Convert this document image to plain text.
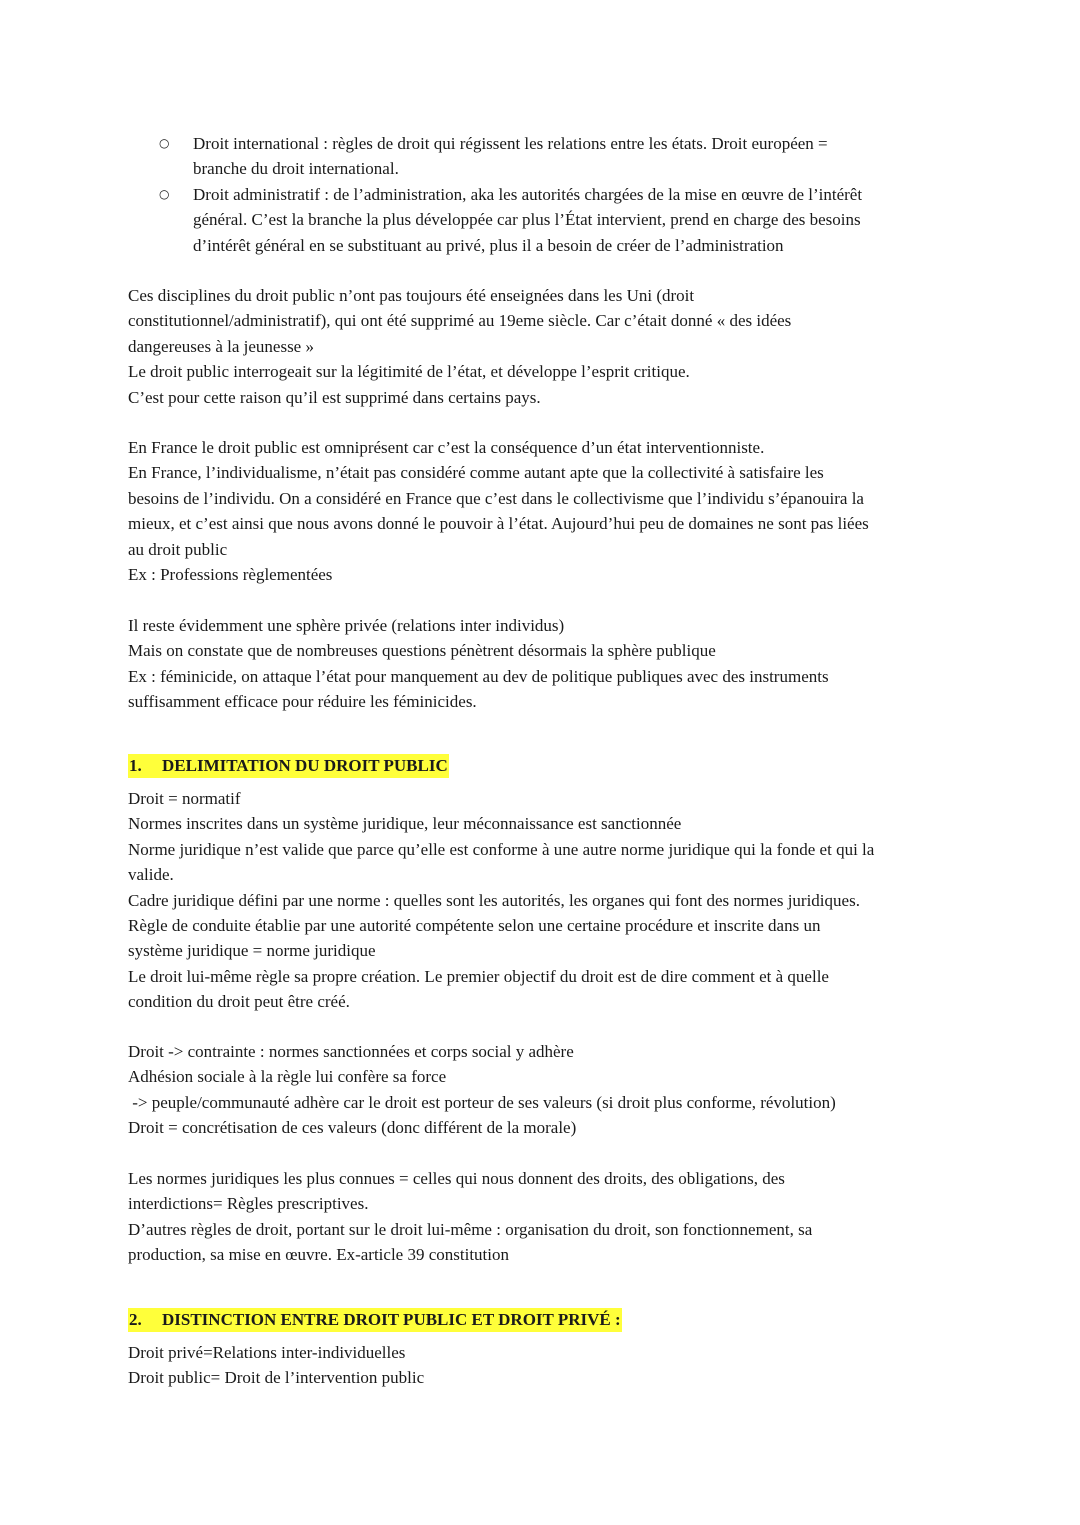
○ Droit international : règles de droit qui régissent les relations entre les états. Droit européen =
branche du droit international.
○ Droit administratif : de l’administration, aka les autorités chargées de la mise en œuvre de l’intérêt
général. C’est la branche la plus développée car plus l’État intervient, prend en charge des besoins
d’intérêt général en se substituant au privé, plus il a besoin de créer de l’administration

Ces disciplines du droit public n’ont pas toujours été enseignées dans les Uni (droit
constitutionnel/administratif), qui ont été supprimé au 19eme siècle. Car c’était donné « des idées
dangereuses à la jeunesse »
Le droit public interrogeait sur la légitimité de l’état, et développe l’esprit critique.
C’est pour cette raison qu’il est supprimé dans certains pays.

En France le droit public est omniprésent car c’est la conséquence d’un état interventionniste.
En France, l’individualisme, n’était pas considéré comme autant apte que la collectivité à satisfaire les
besoins de l’individu. On a considéré en France que c’est dans le collectivisme que l’individu s’épanouira la
mieux, et c’est ainsi que nous avons donné le pouvoir à l’état. Aujourd’hui peu de domaines ne sont pas liées
au droit public
Ex : Professions règlementées

Il reste évidemment une sphère privée (relations inter individus)
Mais on constate que de nombreuses questions pénètrent désormais la sphère publique
Ex : féminicide, on attaque l’état pour manquement au dev de politique publiques avec des instruments
suffisamment efficace pour réduire les féminicides.

1. DELIMITATION DU DROIT PUBLIC

Droit = normatif
Normes inscrites dans un système juridique, leur méconnaissance est sanctionnée
Norme juridique n’est valide que parce qu’elle est conforme à une autre norme juridique qui la fonde et qui la
valide.
Cadre juridique défini par une norme : quelles sont les autorités, les organes qui font des normes juridiques.
Règle de conduite établie par une autorité compétente selon une certaine procédure et inscrite dans un
système juridique = norme juridique
Le droit lui-même règle sa propre création. Le premier objectif du droit est de dire comment et à quelle
condition du droit peut être créé.

Droit -> contrainte : normes sanctionnées et corps social y adhère
Adhésion sociale à la règle lui confère sa force
-> peuple/communauté adhère car le droit est porteur de ses valeurs (si droit plus conforme, révolution)
Droit = concrétisation de ces valeurs (donc différent de la morale)

Les normes juridiques les plus connues = celles qui nous donnent des droits, des obligations, des
interdictions= Règles prescriptives.
D’autres règles de droit, portant sur le droit lui-même : organisation du droit, son fonctionnement, sa
production, sa mise en œuvre. Ex-article 39 constitution

2. DISTINCTION ENTRE DROIT PUBLIC ET DROIT PRIVÉ :

Droit privé=Relations inter-individuelles
Droit public= Droit de l’intervention public
